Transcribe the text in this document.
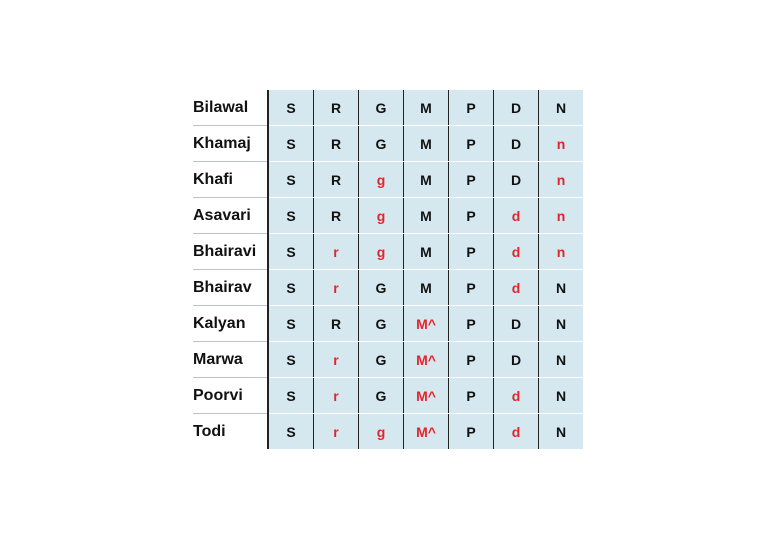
Bilawal	S	R	G	M	P	D	N
Khamaj	S	R	G	M	P	D	n
Khafi	S	R	g	M	P	D	n
Asavari	S	R	g	M	P	d	n
Bhairavi	S	r	g	M	P	d	n
Bhairav	S	r	G	M	P	d	N
Kalyan	S	R	G	M^	P	D	N
Marwa	S	r	G	M^	P	D	N
Poorvi	S	r	G	M^	P	d	N
Todi	S	r	g	M^	P	d	N
